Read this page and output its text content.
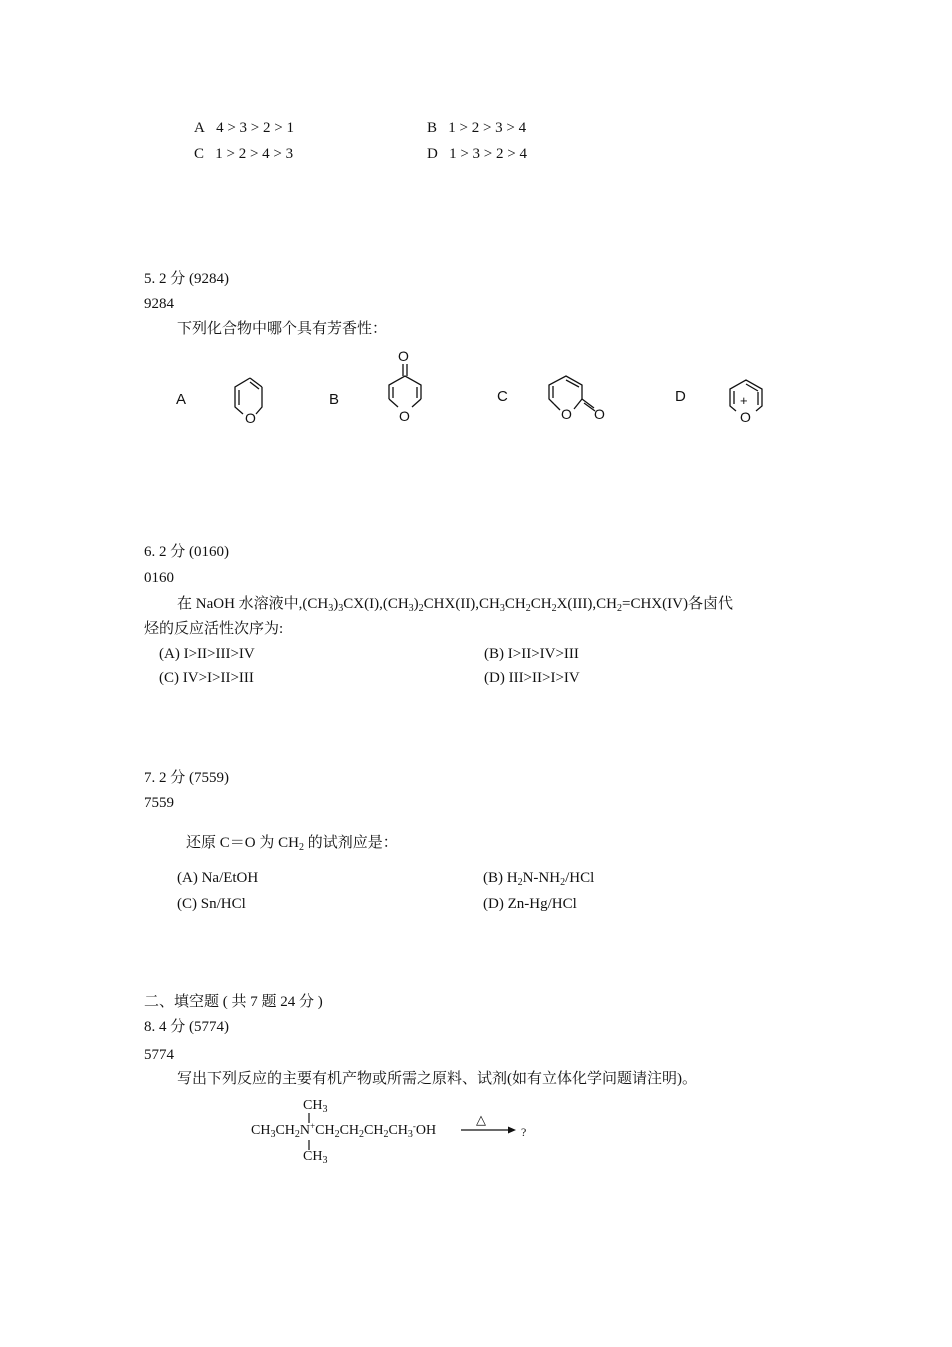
A 4 > 3 > 2 > 1	B 1 > 2 > 3 > 4
C 1 > 2 > 4 > 3	D 1 > 3 > 2 > 4
5. 2 分 (9284)
9284
下列化合物中哪个具有芳香性：
A	B	C	D
O
O
O	O O
+
O
6. 2 分 (0160)
0160
在 NaOH 水溶液中$,(CH_3)_3CX(I),(CH_3)_2CHX(II),CH_3CH_2CH_2X(III),CH_2=CHX(IV)$各卤代
烃的反应活性次序为:
(A) I>II>III>IV	(B) I>II>IV>III
(C) IV>I>II>III	(D) III>II>I>IV
7. 2 分 (7559)
7559
还原 C＝O 为 $CH_2$ 的试剂应是：
(A) Na/EtOH	(B) $H_2N-NH_2$/HCl
(C) Sn/HCl	(D) Zn-Hg/HCl
二、填空题 ( 共 7 题 24 分 )
8. 4 分 (5774)
5774
写出下列反应的主要有机产物或所需之原料、试剂(如有立体化学问题请注明)。
$CH_3$
$CH_3CH_2N^+CH_2CH_2CH_2CH_3^-OH$
△
?
$CH_3$
